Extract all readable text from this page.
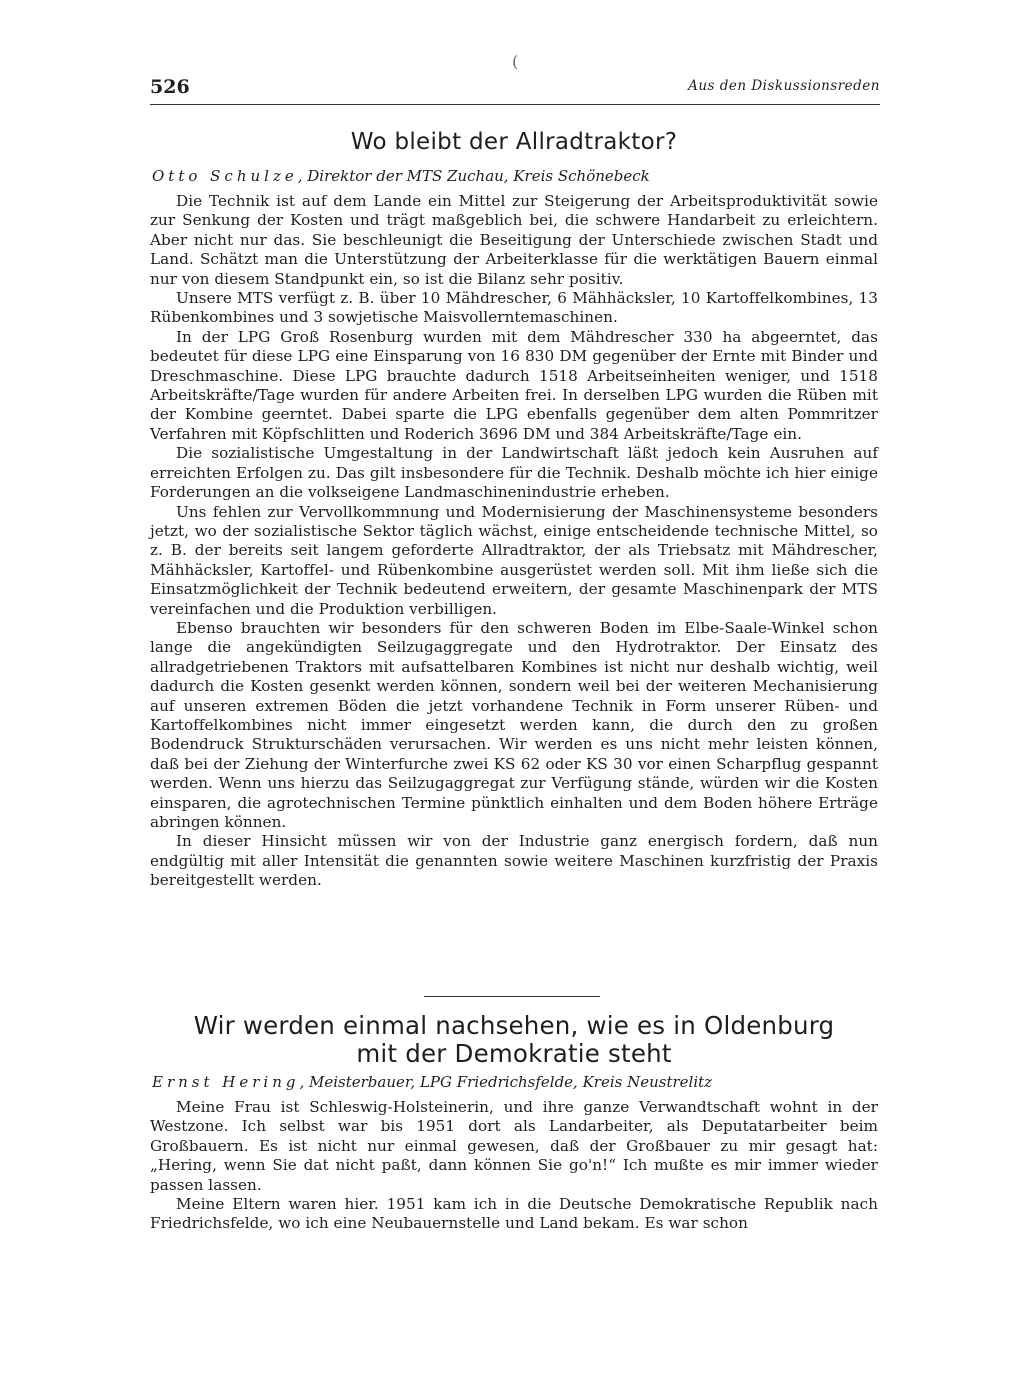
526	Aus den Diskussionsreden
(
Wo bleibt der Allradtraktor?
Otto Schulze, Direktor der MTS Zuchau, Kreis Schönebeck

Die Technik ist auf dem Lande ein Mittel zur Steigerung der Arbeitsproduktivität sowie zur Senkung der Kosten und trägt maßgeblich bei, die schwere Handarbeit zu erleichtern. Aber nicht nur das. Sie beschleunigt die Beseitigung der Unterschiede zwischen Stadt und Land. Schätzt man die Unterstützung der Arbeiterklasse für die werktätigen Bauern einmal nur von diesem Standpunkt ein, so ist die Bilanz sehr positiv.

Unsere MTS verfügt z. B. über 10 Mähdrescher, 6 Mähhäcksler, 10 Kartoffelkombines, 13 Rübenkombines und 3 sowjetische Maisvollerntemaschinen.

In der LPG Groß Rosenburg wurden mit dem Mähdrescher 330 ha abgeerntet, das bedeutet für diese LPG eine Einsparung von 16 830 DM gegenüber der Ernte mit Binder und Dreschmaschine. Diese LPG brauchte dadurch 1518 Arbeitseinheiten weniger, und 1518 Arbeitskräfte/Tage wurden für andere Arbeiten frei. In derselben LPG wurden die Rüben mit der Kombine geerntet. Dabei sparte die LPG ebenfalls gegenüber dem alten Pommritzer Verfahren mit Köpfschlitten und Roderich 3696 DM und 384 Arbeitskräfte/Tage ein.

Die sozialistische Umgestaltung in der Landwirtschaft läßt jedoch kein Ausruhen auf erreichten Erfolgen zu. Das gilt insbesondere für die Technik. Deshalb möchte ich hier einige Forderungen an die volkseigene Landmaschinenindustrie erheben.

Uns fehlen zur Vervollkommnung und Modernisierung der Maschinensysteme besonders jetzt, wo der sozialistische Sektor täglich wächst, einige entscheidende technische Mittel, so z. B. der bereits seit langem geforderte Allradtraktor, der als Triebsatz mit Mähdrescher, Mähhäcksler, Kartoffel- und Rübenkombine ausgerüstet werden soll. Mit ihm ließe sich die Einsatzmöglichkeit der Technik bedeutend erweitern, der gesamte Maschinenpark der MTS vereinfachen und die Produktion verbilligen.

Ebenso brauchten wir besonders für den schweren Boden im Elbe-Saale-Winkel schon lange die angekündigten Seilzugaggregate und den Hydrotraktor. Der Einsatz des allradgetriebenen Traktors mit aufsattelbaren Kombines ist nicht nur deshalb wichtig, weil dadurch die Kosten gesenkt werden können, sondern weil bei der weiteren Mechanisierung auf unseren extremen Böden die jetzt vorhandene Technik in Form unserer Rüben- und Kartoffelkombines nicht immer eingesetzt werden kann, die durch den zu großen Bodendruck Strukturschäden verursachen. Wir werden es uns nicht mehr leisten können, daß bei der Ziehung der Winterfurche zwei KS 62 oder KS 30 vor einen Scharpflug gespannt werden. Wenn uns hierzu das Seilzugaggregat zur Verfügung stände, würden wir die Kosten einsparen, die agrotechnischen Termine pünktlich einhalten und dem Boden höhere Erträge abringen können.

In dieser Hinsicht müssen wir von der Industrie ganz energisch fordern, daß nun endgültig mit aller Intensität die genannten sowie weitere Maschinen kurzfristig der Praxis bereitgestellt werden.

Wir werden einmal nachsehen, wie es in Oldenburg
mit der Demokratie steht
Ernst Hering, Meisterbauer, LPG Friedrichsfelde, Kreis Neustrelitz

Meine Frau ist Schleswig-Holsteinerin, und ihre ganze Verwandtschaft wohnt in der Westzone. Ich selbst war bis 1951 dort als Landarbeiter, als Deputatarbeiter beim Großbauern. Es ist nicht nur einmal gewesen, daß der Großbauer zu mir gesagt hat: „Hering, wenn Sie dat nicht paßt, dann können Sie go'n!“ Ich mußte es mir immer wieder passen lassen.

Meine Eltern waren hier. 1951 kam ich in die Deutsche Demokratische Republik nach Friedrichsfelde, wo ich eine Neubauernstelle und Land bekam. Es war schon
